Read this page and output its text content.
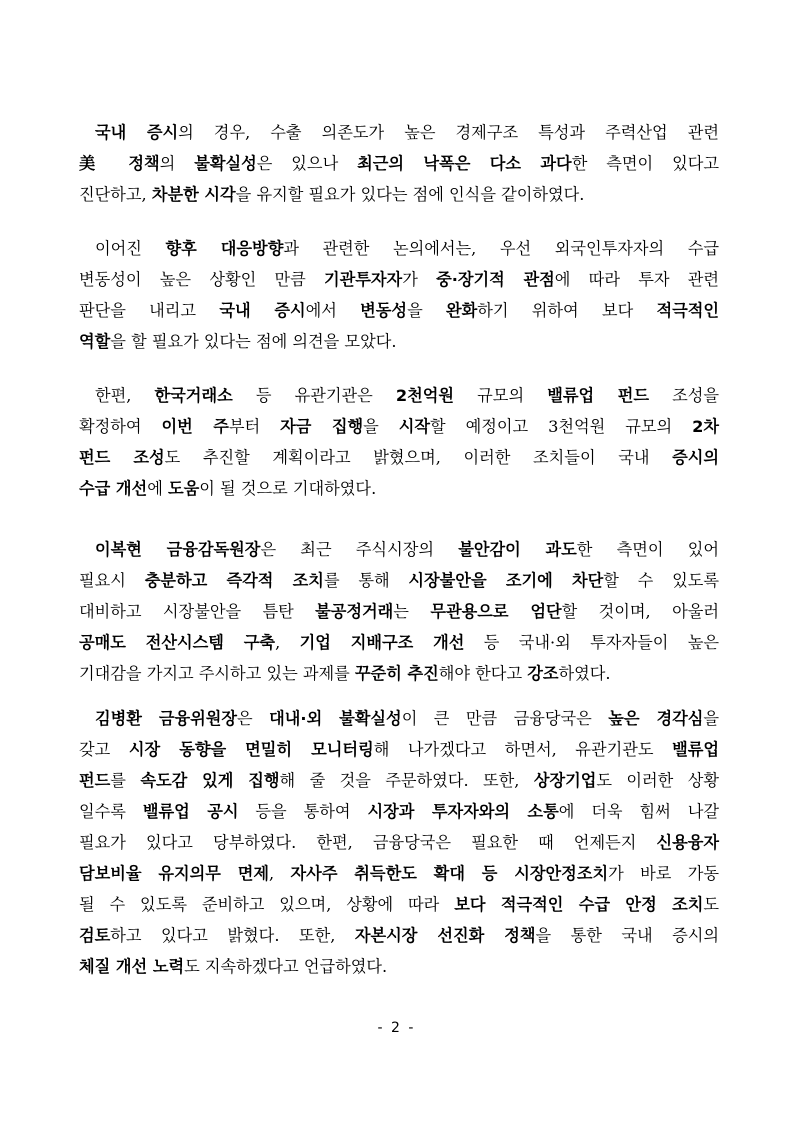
국내 증시의 경우, 수출 의존도가 높은 경제구조 특성과 주력산업 관련
美 정책의 불확실성은 있으나 최근의 낙폭은 다소 과다한 측면이 있다고
진단하고, 차분한 시각을 유지할 필요가 있다는 점에 인식을 같이하였다.
이어진 향후 대응방향과 관련한 논의에서는, 우선 외국인투자자의 수급
변동성이 높은 상황인 만큼 기관투자자가 중·장기적 관점에 따라 투자 관련
판단을 내리고 국내 증시에서 변동성을 완화하기 위하여 보다 적극적인
역할을 할 필요가 있다는 점에 의견을 모았다.
한편, 한국거래소 등 유관기관은 2천억원 규모의 밸류업 펀드 조성을
확정하여 이번 주부터 자금 집행을 시작할 예정이고 3천억원 규모의 2차
펀드 조성도 추진할 계획이라고 밝혔으며, 이러한 조치들이 국내 증시의
수급 개선에 도움이 될 것으로 기대하였다.
이복현 금융감독원장은 최근 주식시장의 불안감이 과도한 측면이 있어
필요시 충분하고 즉각적 조치를 통해 시장불안을 조기에 차단할 수 있도록
대비하고 시장불안을 틈탄 불공정거래는 무관용으로 엄단할 것이며, 아울러
공매도 전산시스템 구축, 기업 지배구조 개선 등 국내·외 투자자들이 높은
기대감을 가지고 주시하고 있는 과제를 꾸준히 추진해야 한다고 강조하였다.
김병환 금융위원장은 대내·외 불확실성이 큰 만큼 금융당국은 높은 경각심을
갖고 시장 동향을 면밀히 모니터링해 나가겠다고 하면서, 유관기관도 밸류업
펀드를 속도감 있게 집행해 줄 것을 주문하였다. 또한, 상장기업도 이러한 상황
일수록 밸류업 공시 등을 통하여 시장과 투자자와의 소통에 더욱 힘써 나갈
필요가 있다고 당부하였다. 한편, 금융당국은 필요한 때 언제든지 신용융자
담보비율 유지의무 면제, 자사주 취득한도 확대 등 시장안정조치가 바로 가동
될 수 있도록 준비하고 있으며, 상황에 따라 보다 적극적인 수급 안정 조치도
검토하고 있다고 밝혔다. 또한, 자본시장 선진화 정책을 통한 국내 증시의
체질 개선 노력도 지속하겠다고 언급하였다.
- 2 -
